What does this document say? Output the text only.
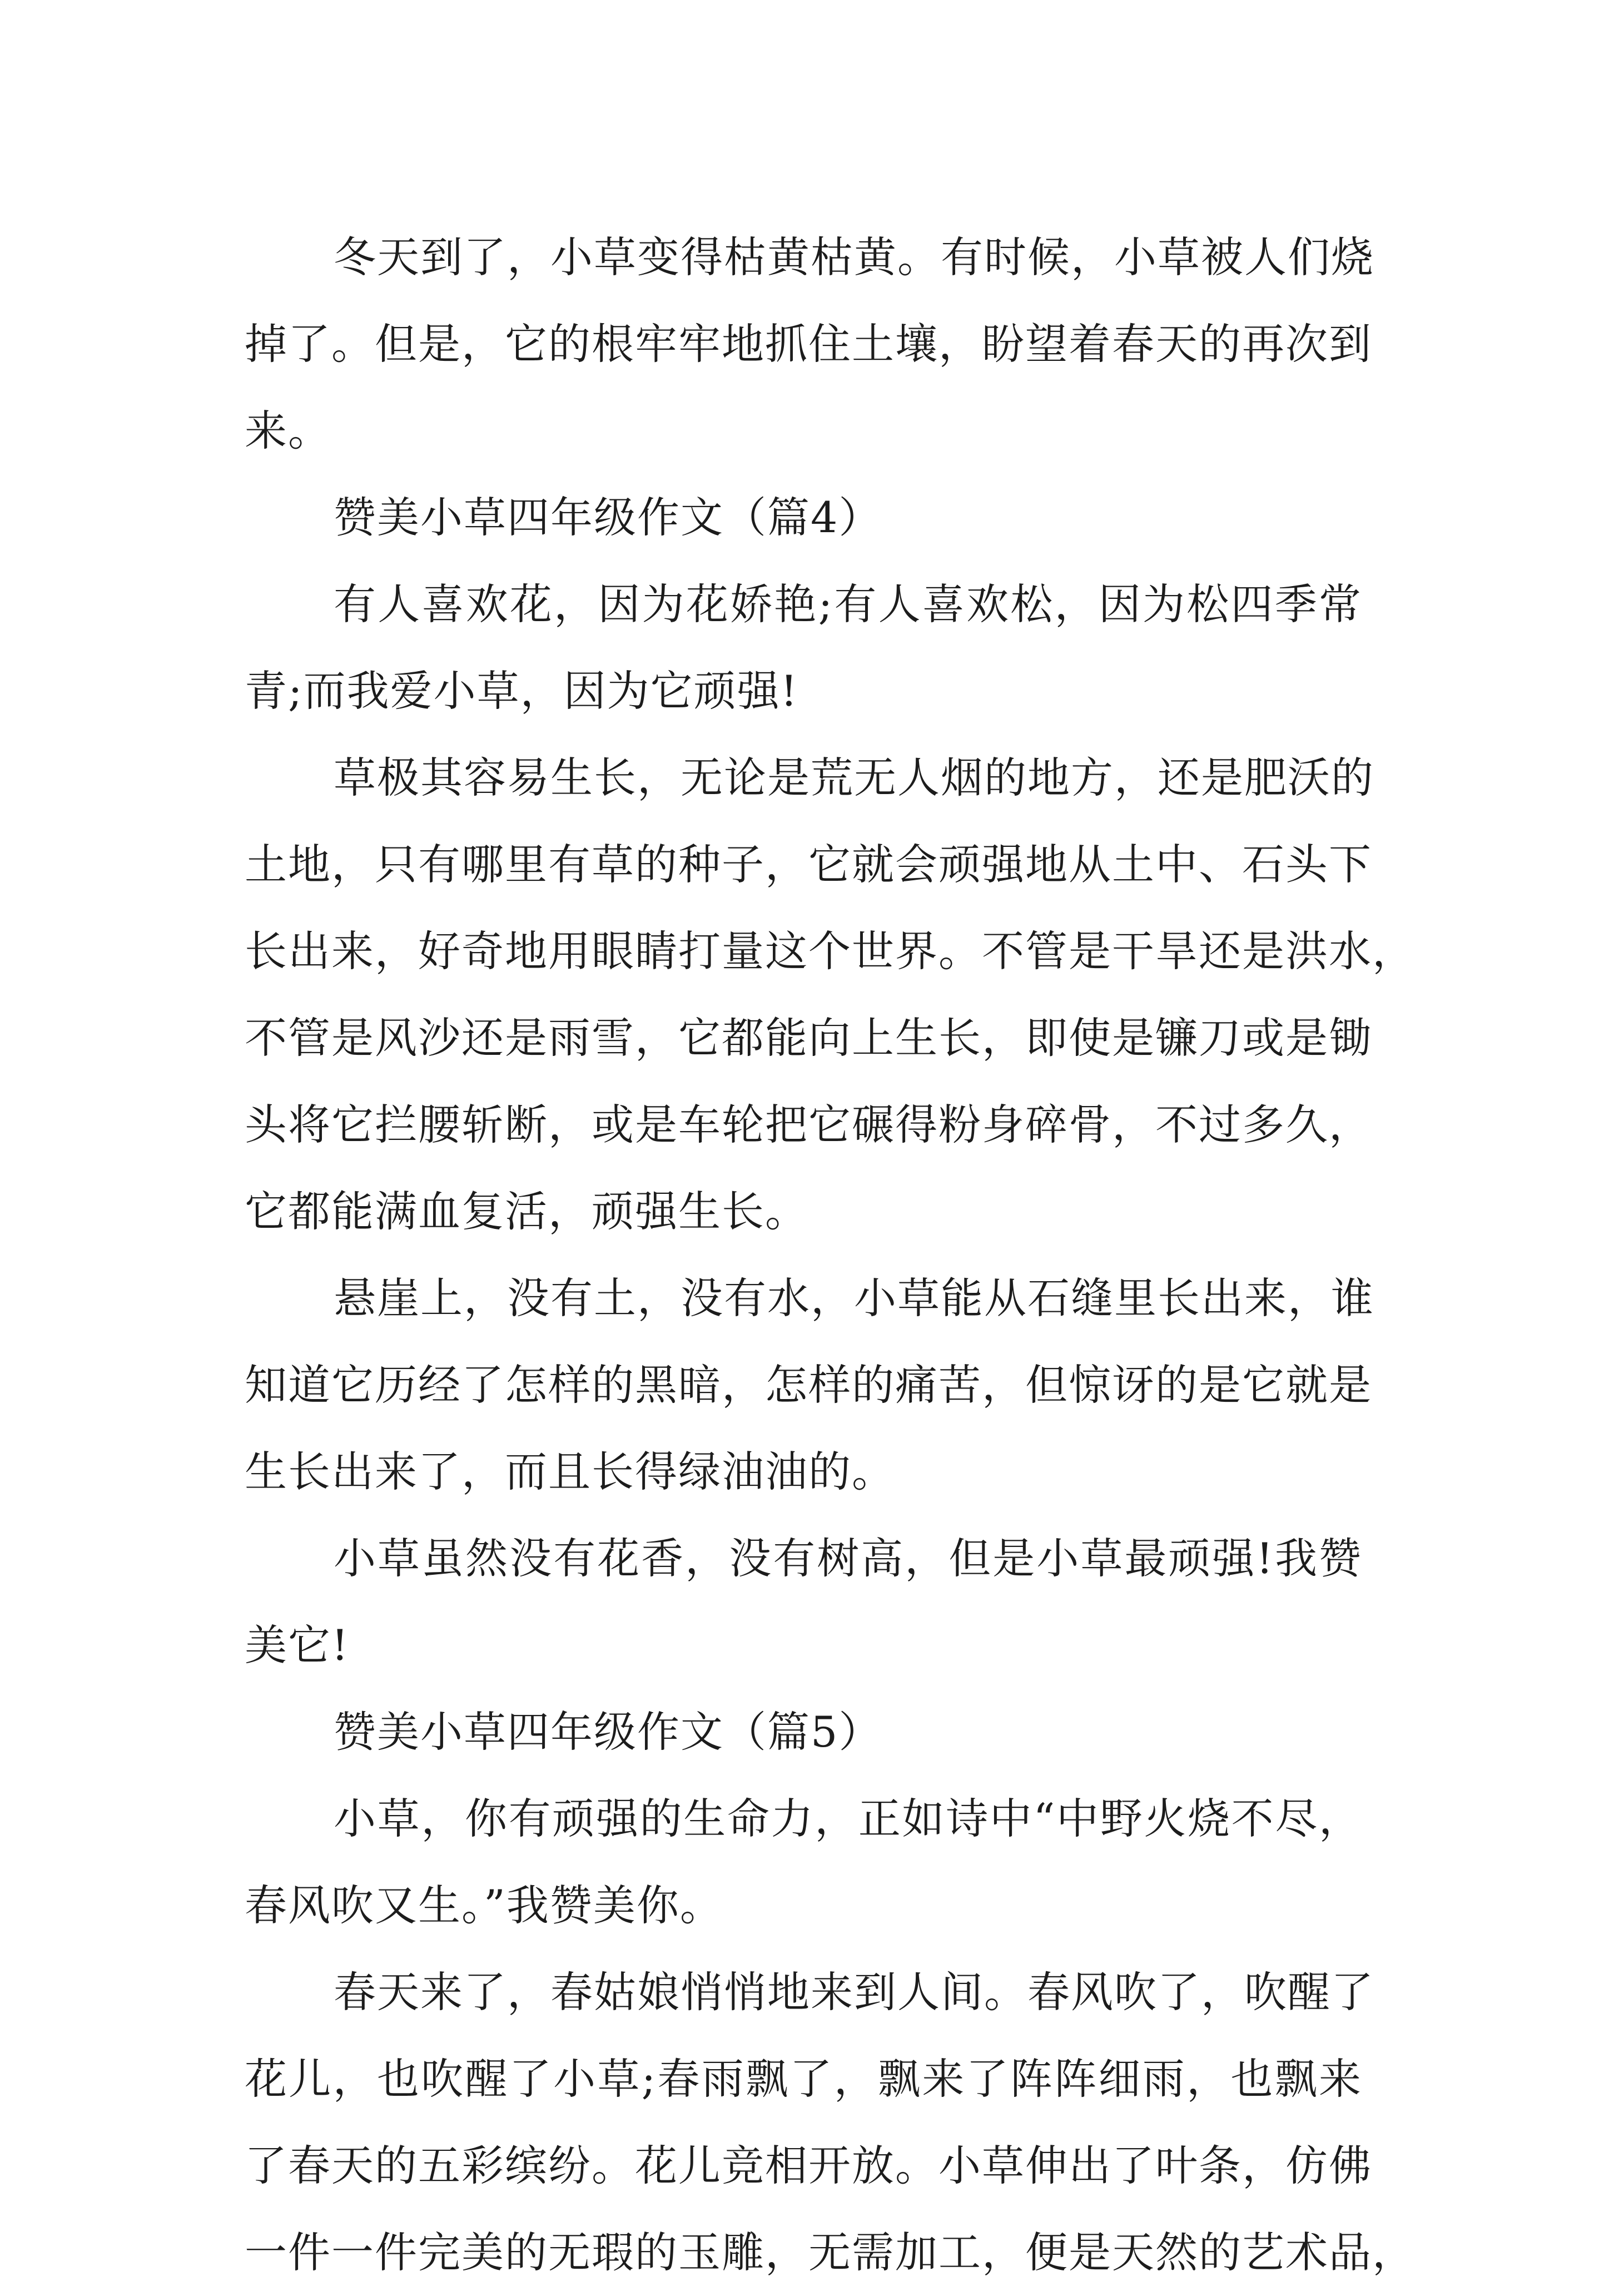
冬天到了，小草变得枯黄枯黄。有时候，小草被人们烧
掉了。但是，它的根牢牢地抓住土壤，盼望着春天的再次到
来。
赞美小草四年级作文（篇4）
有人喜欢花，因为花娇艳;有人喜欢松，因为松四季常
青;而我爱小草，因为它顽强!
草极其容易生长，无论是荒无人烟的地方，还是肥沃的
土地，只有哪里有草的种子，它就会顽强地从土中、石头下
长出来，好奇地用眼睛打量这个世界。不管是干旱还是洪水，
不管是风沙还是雨雪，它都能向上生长，即使是镰刀或是锄
头将它拦腰斩断，或是车轮把它碾得粉身碎骨，不过多久，
它都能满血复活，顽强生长。
悬崖上，没有土，没有水，小草能从石缝里长出来，谁
知道它历经了怎样的黑暗，怎样的痛苦，但惊讶的是它就是
生长出来了，而且长得绿油油的。
小草虽然没有花香，没有树高，但是小草最顽强!我赞
美它!
赞美小草四年级作文（篇5）
小草，你有顽强的生命力，正如诗中“中野火烧不尽，
春风吹又生。”我赞美你。
春天来了，春姑娘悄悄地来到人间。春风吹了，吹醒了
花儿，也吹醒了小草;春雨飘了，飘来了阵阵细雨，也飘来
了春天的五彩缤纷。花儿竞相开放。小草伸出了叶条，仿佛
一件一件完美的无瑕的玉雕，无需加工，便是天然的艺术品，
